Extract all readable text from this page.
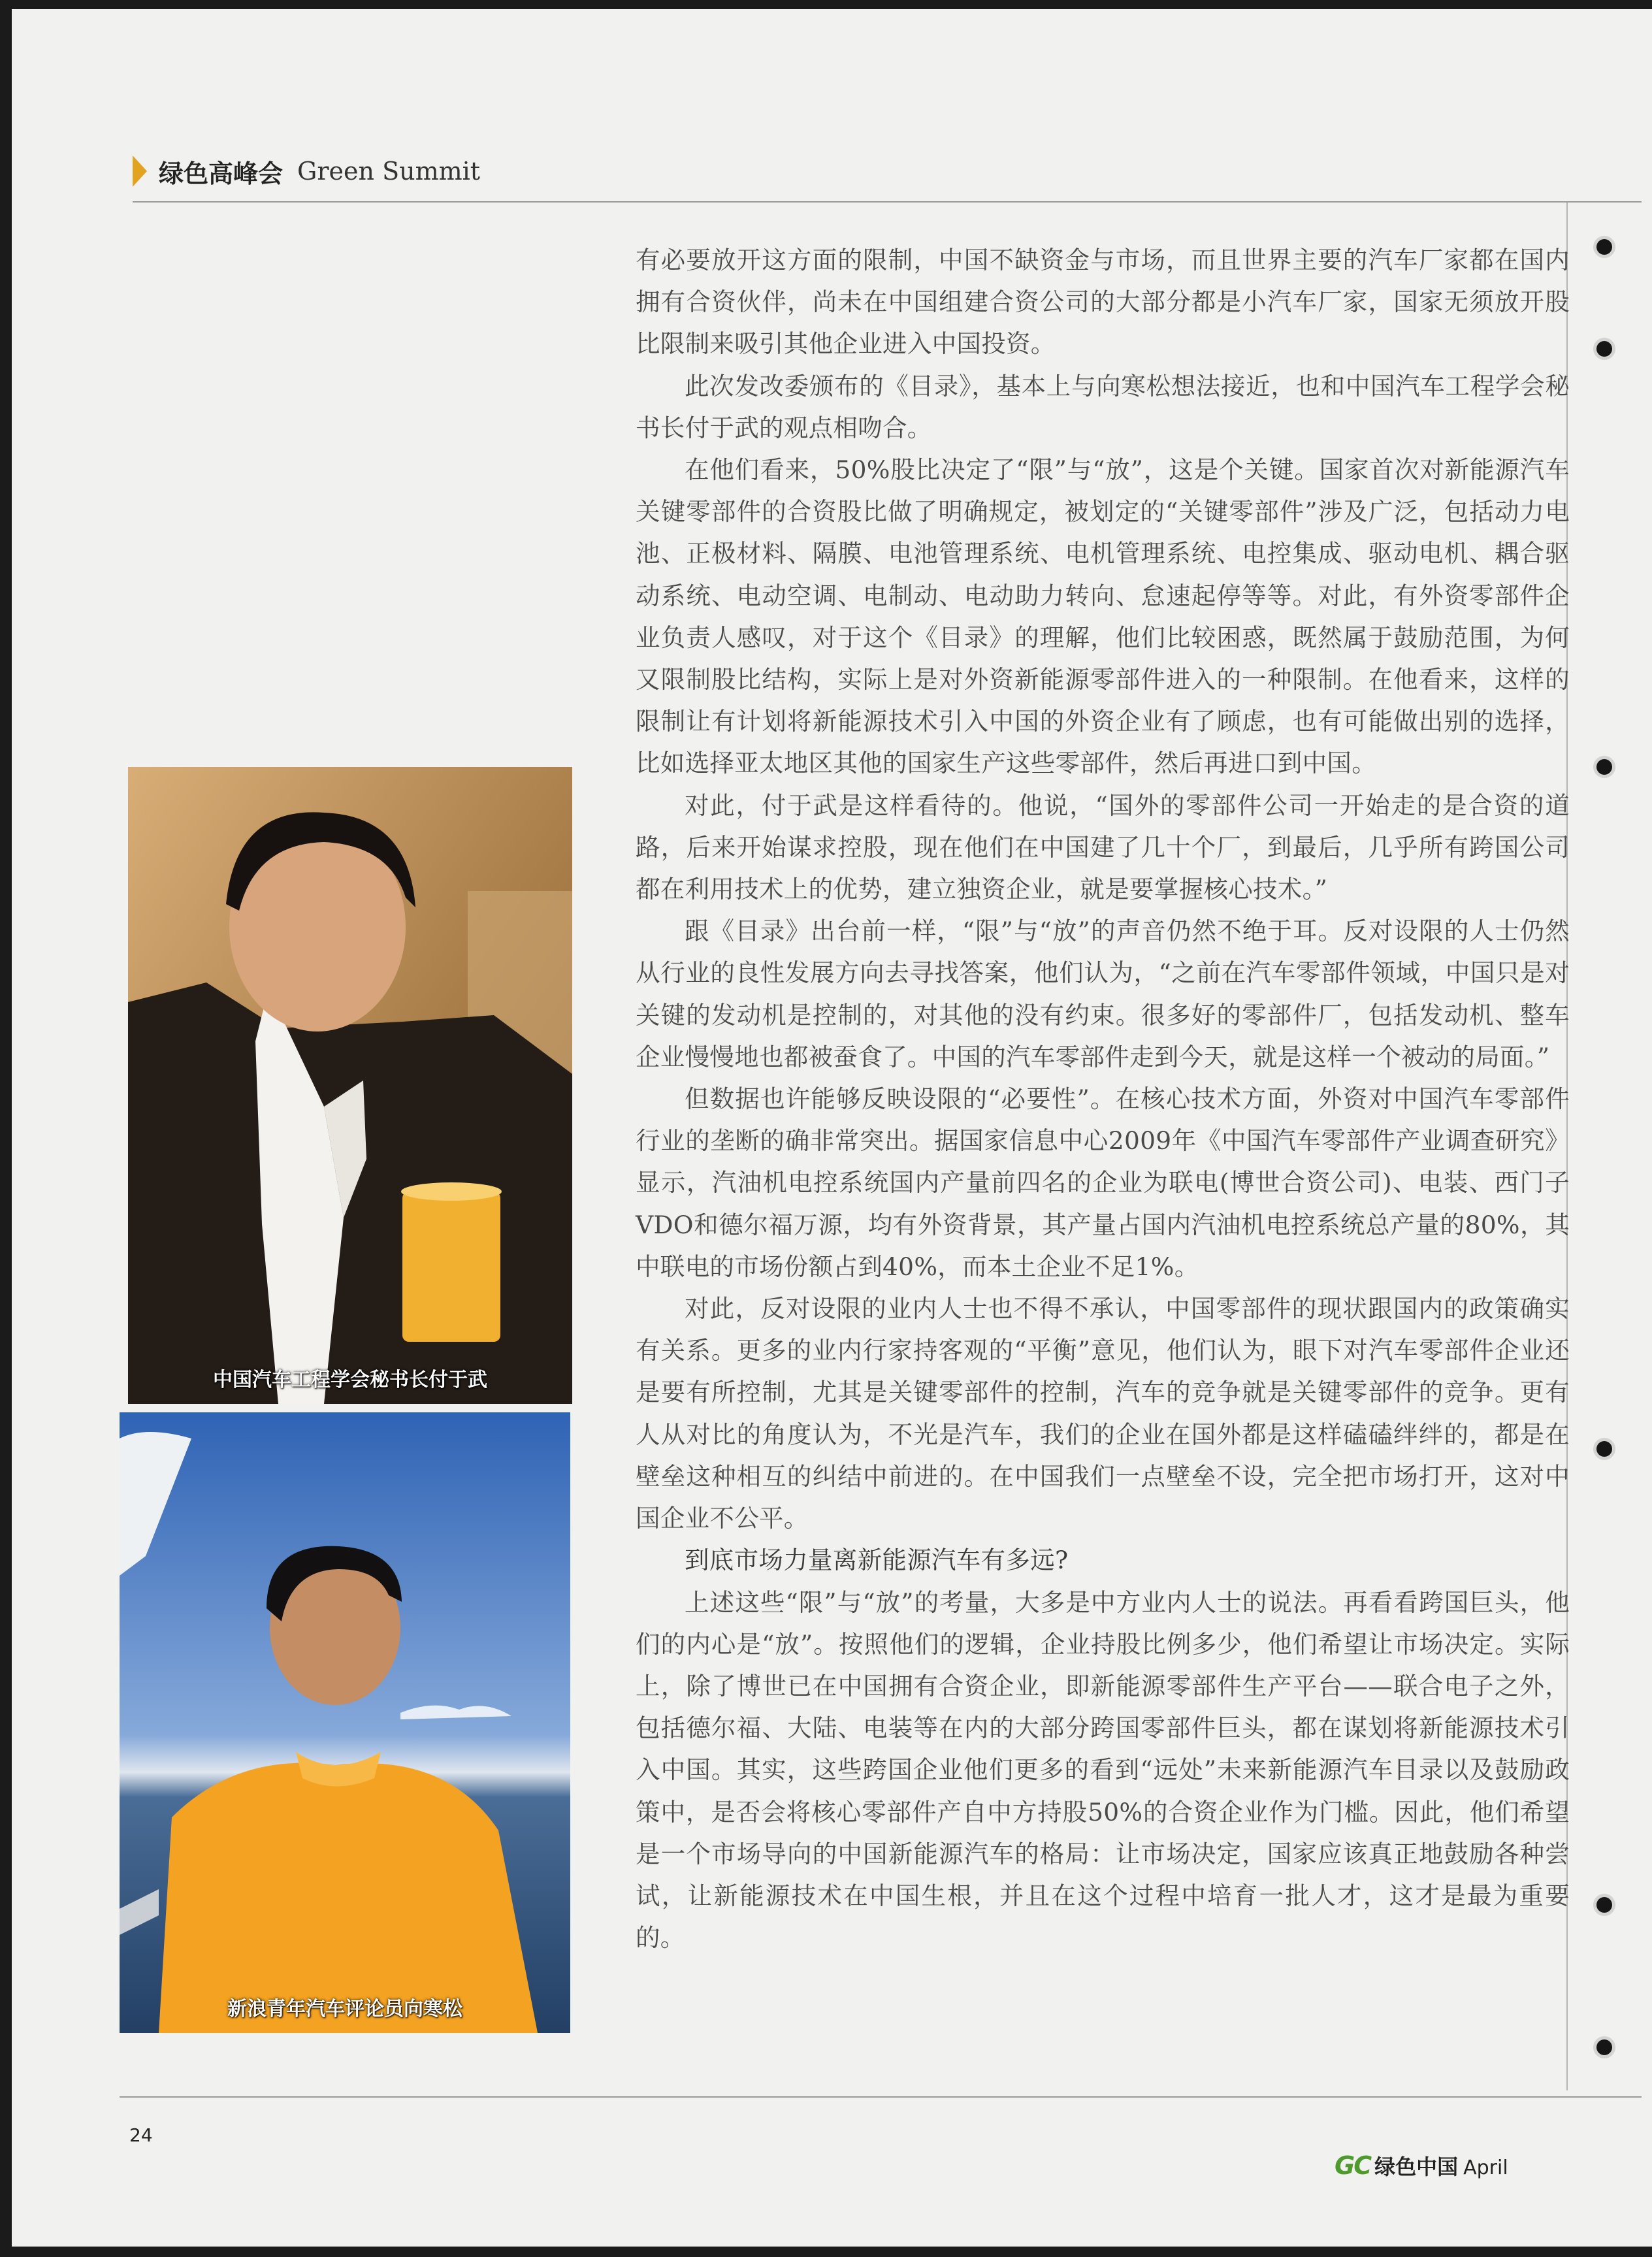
绿色高峰会 Green Summit
中国汽车工程学会秘书长付于武
新浪青年汽车评论员向寒松

有必要放开这方面的限制，中国不缺资金与市场，而且世界主要的汽车厂家都在国内拥有合资伙伴，尚未在中国组建合资公司的大部分都是小汽车厂家，国家无须放开股比限制来吸引其他企业进入中国投资。

此次发改委颁布的《目录》，基本上与向寒松想法接近，也和中国汽车工程学会秘书长付于武的观点相吻合。

在他们看来，50%股比决定了“限”与“放”，这是个关键。国家首次对新能源汽车关键零部件的合资股比做了明确规定，被划定的“关键零部件”涉及广泛，包括动力电池、正极材料、隔膜、电池管理系统、电机管理系统、电控集成、驱动电机、耦合驱动系统、电动空调、电制动、电动助力转向、怠速起停等等。对此，有外资零部件企业负责人感叹，对于这个《目录》的理解，他们比较困惑，既然属于鼓励范围，为何又限制股比结构，实际上是对外资新能源零部件进入的一种限制。在他看来，这样的限制让有计划将新能源技术引入中国的外资企业有了顾虑，也有可能做出别的选择，比如选择亚太地区其他的国家生产这些零部件，然后再进口到中国。

对此，付于武是这样看待的。他说，“国外的零部件公司一开始走的是合资的道路，后来开始谋求控股，现在他们在中国建了几十个厂，到最后，几乎所有跨国公司都在利用技术上的优势，建立独资企业，就是要掌握核心技术。”

跟《目录》出台前一样，“限”与“放”的声音仍然不绝于耳。反对设限的人士仍然从行业的良性发展方向去寻找答案，他们认为，“之前在汽车零部件领域，中国只是对关键的发动机是控制的，对其他的没有约束。很多好的零部件厂，包括发动机、整车企业慢慢地也都被蚕食了。中国的汽车零部件走到今天，就是这样一个被动的局面。”

但数据也许能够反映设限的“必要性”。在核心技术方面，外资对中国汽车零部件行业的垄断的确非常突出。据国家信息中心2009年《中国汽车零部件产业调查研究》显示，汽油机电控系统国内产量前四名的企业为联电(博世合资公司)、电装、西门子VDO和德尔福万源，均有外资背景，其产量占国内汽油机电控系统总产量的80%，其中联电的市场份额占到40%，而本土企业不足1%。

对此，反对设限的业内人士也不得不承认，中国零部件的现状跟国内的政策确实有关系。更多的业内行家持客观的“平衡”意见，他们认为，眼下对汽车零部件企业还是要有所控制，尤其是关键零部件的控制，汽车的竞争就是关键零部件的竞争。更有人从对比的角度认为，不光是汽车，我们的企业在国外都是这样磕磕绊绊的，都是在壁垒这种相互的纠结中前进的。在中国我们一点壁垒不设，完全把市场打开，这对中国企业不公平。

到底市场力量离新能源汽车有多远?

上述这些“限”与“放”的考量，大多是中方业内人士的说法。再看看跨国巨头，他们的内心是“放”。按照他们的逻辑，企业持股比例多少，他们希望让市场决定。实际上，除了博世已在中国拥有合资企业，即新能源零部件生产平台——联合电子之外，包括德尔福、大陆、电装等在内的大部分跨国零部件巨头，都在谋划将新能源技术引入中国。其实，这些跨国企业他们更多的看到“远处”未来新能源汽车目录以及鼓励政策中，是否会将核心零部件产自中方持股50%的合资企业作为门槛。因此，他们希望是一个市场导向的中国新能源汽车的格局：让市场决定，国家应该真正地鼓励各种尝试，让新能源技术在中国生根，并且在这个过程中培育一批人才，这才是最为重要的。

24
GC 绿色中国 April
